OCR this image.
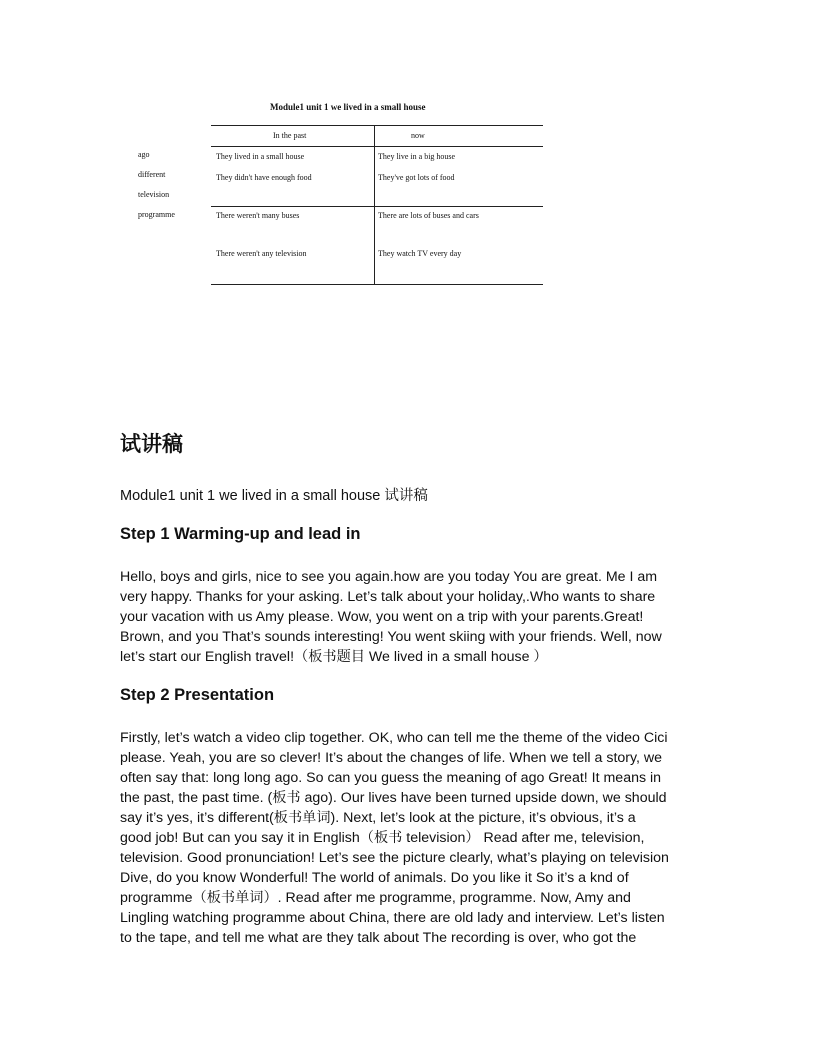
Module1 unit 1 we lived in a small house
ago
different
television
programme
In the past	now
They lived in a small house	They live in a big house
They didn't have enough food	They've got lots of food
There weren't many buses	There are lots of buses and cars
There weren't any television	They watch TV every day
试讲稿
Module1 unit 1 we lived in a small house 试讲稿
Step 1 Warming-up and lead in
Hello, boys and girls, nice to see you again.how are you today You are great. Me I am
very happy. Thanks for your asking. Let’s talk about your holiday,.Who wants to share
your vacation with us Amy please. Wow, you went on a trip with your parents.Great!
Brown, and you That’s sounds interesting! You went skiing with your friends. Well, now
let’s start our English travel!（板书题目 We lived in a small house ）
Step 2 Presentation
Firstly, let’s watch a video clip together. OK, who can tell me the theme of the video Cici
please. Yeah, you are so clever! It’s about the changes of life. When we tell a story, we
often say that: long long ago. So can you guess the meaning of ago Great! It means in
the past, the past time. (板书 ago). Our lives have been turned upside down, we should
say it’s yes, it’s different(板书单词). Next, let’s look at the picture, it’s obvious, it’s a
good job! But can you say it in English（板书 television） Read after me, television,
television. Good pronunciation! Let’s see the picture clearly, what’s playing on television
Dive, do you know Wonderful! The world of animals. Do you like it So it’s a knd of
programme（板书单词）. Read after me programme, programme. Now, Amy and
Lingling watching programme about China, there are old lady and interview. Let’s listen
to the tape, and tell me what are they talk about The recording is over, who got the
